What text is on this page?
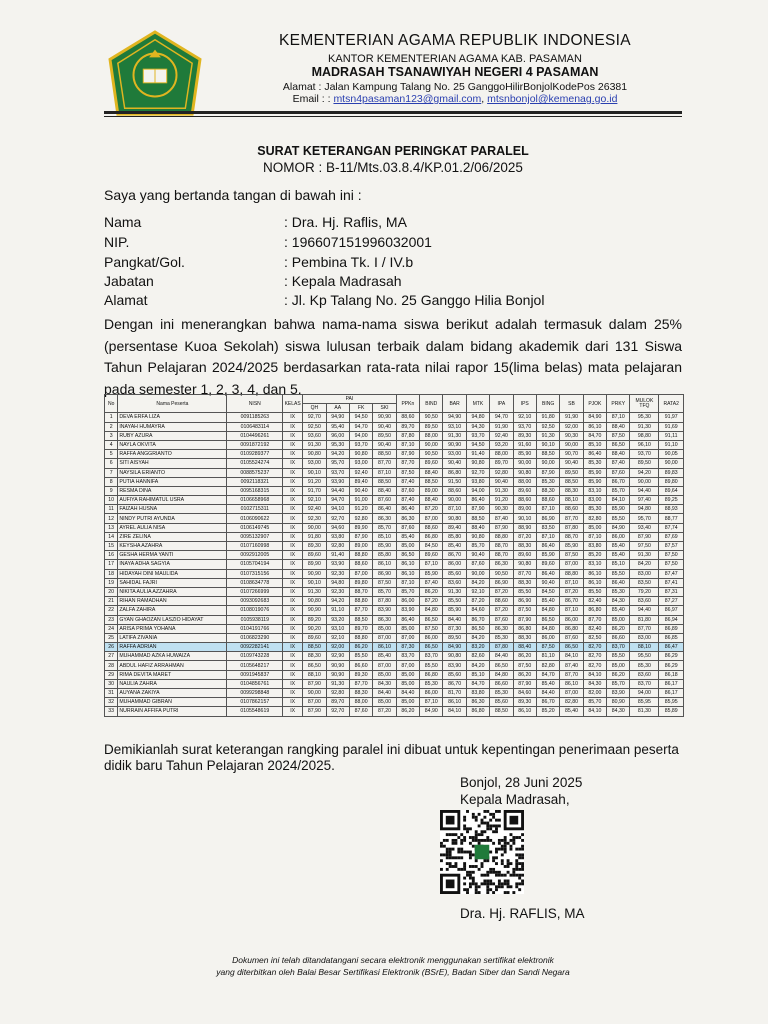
KEMENTERIAN AGAMA REPUBLIK INDONESIA
KANTOR KEMENTERIAN AGAMA KAB. PASAMAN
MADRASAH TSANAWIYAH NEGERI 4 PASAMAN
Alamat : Jalan Kampung Talang No. 25 GanggoHilirBonjolKodePos 26381
Email : : mtsn4pasaman123@gmail.com, mtsnbonjol@kemenag.go.id
SURAT KETERANGAN PERINGKAT PARALEL
NOMOR : B-11/Mts.03.8.4/KP.01.2/06/2025
Saya yang bertanda tangan di bawah ini :
Nama	: Dra. Hj. Raflis, MA
NIP.	: 196607151996032001
Pangkat/Gol.	: Pembina Tk. I / IV.b
Jabatan	: Kepala Madrasah
Alamat	: Jl. Kp Talang No. 25 Ganggo Hilia Bonjol
Dengan ini menerangkan bahwa nama-nama siswa berikut adalah termasuk dalam 25% (persentase Kuoa Sekolah) siswa lulusan terbaik dalam bidang akademik dari 131 Siswa Tahun Pelajaran 2024/2025 berdasarkan rata-rata nilai rapor 15(lima belas) mata pelajaran pada semester 1, 2, 3, 4, dan 5.
No	Nama Peserta	NISN	KELAS	PAI				PPKn	BIND	BAR	MTK	IPA	IPS	BING	SB	PJOK	PRKY	MULOK TFQ	RATA2
				QH	AA	FK	SKI												
1	DEVA ERFA LIZA	0091185263	IX	92,70	94,90	94,50	90,90	88,60	90,50	94,90	94,80	94,70	92,10	91,80	91,90	84,90	87,10	95,30	91,97
2	INAYAH HUMAYRA	0106483114	IX	92,50	95,40	94,70	90,40	89,70	89,50	93,10	94,30	91,90	93,70	92,50	92,00	86,10	88,40	91,30	91,69
3	RUBY AZURA	0104496261	IX	93,60	96,00	94,00	89,50	87,80	88,00	91,30	93,70	92,40	89,30	91,30	90,30	84,70	87,50	98,80	91,11
4	NAYLA OKVITA	0091872192	IX	91,30	95,30	93,70	90,40	87,10	90,00	90,90	94,50	93,20	91,60	90,10	90,00	85,10	86,50	96,10	91,10
5	RAFFA ANGGRIANTO	0109289377	IX	90,80	94,20	90,80	88,50	87,90	90,50	93,00	91,40	88,00	85,90	88,50	90,70	86,40	88,40	93,70	90,05
6	SITI AISYAH	0105524274	IX	93,00	95,70	93,00	87,70	87,70	89,60	90,40	90,80	89,70	90,00	90,00	90,40	85,30	87,40	89,50	90,00
7	NAYSILA ERIANTO	0088575237	IX	90,10	93,70	92,40	87,10	87,50	88,40	86,80	92,70	92,80	90,80	87,90	89,50	85,90	87,60	94,20	89,83
8	PUTIA HANNIFA	0092118321	IX	91,20	93,90	89,40	88,50	87,40	88,50	91,50	93,80	90,40	88,00	85,30	88,50	85,90	86,70	90,00	89,80
9	RESMA DINA	0095168315	IX	91,70	94,40	90,40	88,40	87,60	89,00	88,60	94,00	91,30	89,60	88,30	88,30	83,10	85,70	94,40	89,64
10	AUFIYA RAHIMATUL USRA	0106658968	IX	92,10	94,70	91,00	87,60	87,40	88,40	90,00	86,40	91,20	88,60	88,60	88,10	83,00	84,10	97,40	89,25
11	FAIZAH HUSNA	0102715311	IX	92,40	94,10	91,20	86,40	86,40	87,20	87,10	87,90	90,30	89,00	87,10	88,60	85,30	85,90	94,80	88,93
12	NINDY PUTRI AYUNDA	0106090622	IX	92,30	92,70	92,80	86,30	86,30	87,00	90,80	88,50	87,40	90,10	86,90	87,70	82,80	85,50	95,70	88,77
13	AYREL AULIA NISA	0106149745	IX	90,00	94,60	89,90	85,70	87,60	88,60	89,40	88,40	87,90	88,90	83,50	87,80	85,00	84,90	93,40	87,74
14	ZIRE ZELINA	0095132907	IX	91,80	93,80	87,90	85,10	85,40	86,80	85,80	90,80	88,80	87,20	87,10	88,70	87,10	86,00	87,90	87,69
15	KEYSHA AZAHRA	0107160998	IX	89,30	92,80	89,00	85,90	85,00	84,50	85,40	85,70	88,70	88,30	86,40	85,90	83,80	85,40	97,50	87,57
16	GESHA HERMA YANTI	0092912005	IX	89,60	91,40	88,80	85,80	86,50	89,60	86,70	90,40	88,70	89,60	85,90	87,50	85,20	85,40	91,30	87,50
17	INAYA ADHA SAGYIA	0105704194	IX	89,90	93,90	88,60	86,10	86,10	87,10	86,00	87,60	86,30	90,80	89,60	87,00	83,10	85,10	84,20	87,50
18	HIDAYAH DINI MAULIDA	0107315156	IX	90,90	92,30	87,00	86,90	86,10	85,90	85,60	90,00	90,50	87,70	86,40	88,80	86,10	85,50	83,00	87,47
19	SAHIDAL FAJRI	0108634778	IX	90,10	94,80	89,80	87,50	87,10	87,40	83,60	84,20	86,90	88,30	90,40	87,10	86,10	86,40	83,50	87,41
20	NIKITA AULIA AZZAHRA	0107266999	IX	91,30	92,30	88,70	85,70	85,70	86,20	91,30	92,10	87,20	85,50	84,50	87,20	85,50	85,30	79,20	87,31
21	RIHAN RAMADHAN	0093092683	IX	90,80	94,20	88,80	87,80	86,00	87,20	85,50	87,20	88,60	86,90	85,40	86,70	82,40	84,30	83,60	87,27
22	ZALFA ZAHIRA	0108019076	IX	90,90	91,10	87,70	83,90	83,90	84,80	85,90	84,60	87,20	87,50	84,80	87,10	86,80	85,40	94,40	86,97
23	GYAN GHAOZAN LASZIO HIDAYAT	0105938119	IX	89,20	93,20	88,50	86,30	86,40	86,50	84,40	86,70	87,60	87,90	86,50	86,00	87,70	85,00	81,80	86,94
24	ARISA PRIMA YOHANA	0104191766	IX	90,20	93,10	89,70	85,00	85,00	87,50	87,30	86,50	86,30	86,80	84,80	86,80	82,40	86,20	87,70	86,89
25	LATIFA ZIVANIA	0106823290	IX	89,60	92,10	88,80	87,00	87,00	86,00	89,50	84,20	85,30	88,30	86,00	87,60	82,50	86,60	83,00	86,85
26	RAFFA ADRIAN	0092282141	IX	88,50	92,00	86,20	86,10	87,30	86,50	84,90	83,20	87,80	88,40	87,50	86,50	82,70	83,70	88,10	86,47
27	MUHAMMAD AZKA HUWAIZA	0109743228	IX	88,30	92,90	85,50	85,40	83,70	83,70	90,80	82,60	84,40	86,20	81,10	84,10	82,70	85,50	95,50	86,29
28	ABDUL HAFIZ ARRAHMAN	0105648217	IX	86,50	90,90	86,60	87,00	87,00	85,50	83,90	84,20	86,50	87,50	82,80	87,40	82,70	85,00	85,30	86,29
29	RIMA DEVITA MARET	0091945837	IX	88,10	90,90	89,30	85,00	85,00	86,80	85,60	85,10	84,80	86,20	84,70	87,70	84,10	86,20	83,60	86,18
30	NAULIA ZAHRA	0104856761	IX	87,90	91,30	87,70	84,30	85,00	85,30	86,70	84,70	86,60	87,90	85,40	86,10	84,30	85,70	83,70	86,17
31	AUYANA ZAKIYA	0099298848	IX	90,00	92,80	88,30	84,40	84,40	86,00	81,70	83,80	85,30	84,60	84,40	87,00	82,00	83,90	94,00	86,17
32	MUHAMMAD GIBRAN	0107862157	IX	87,00	89,70	88,00	85,00	85,00	87,10	86,10	86,30	85,60	89,30	86,70	82,80	85,70	80,90	85,95	85,95
33	NURRAIN AFFIFA PUTRI	0105548619	IX	87,90	92,70	87,60	87,20	86,20	84,90	84,10	86,80	88,50	86,10	85,20	85,40	84,10	84,30	81,30	85,89
Demikianlah surat keterangan rangking paralel ini dibuat untuk kepentingan penerimaan peserta didik baru Tahun Pelajaran 2024/2025.
Bonjol, 28 Juni 2025
Kepala Madrasah,
Dra. Hj. RAFLIS, MA
Dokumen ini telah ditandatangani secara elektronik menggunakan sertifikat elektronik
yang diterbitkan oleh Balai Besar Sertifikasi Elektronik (BSrE), Badan Siber dan Sandi Negara
